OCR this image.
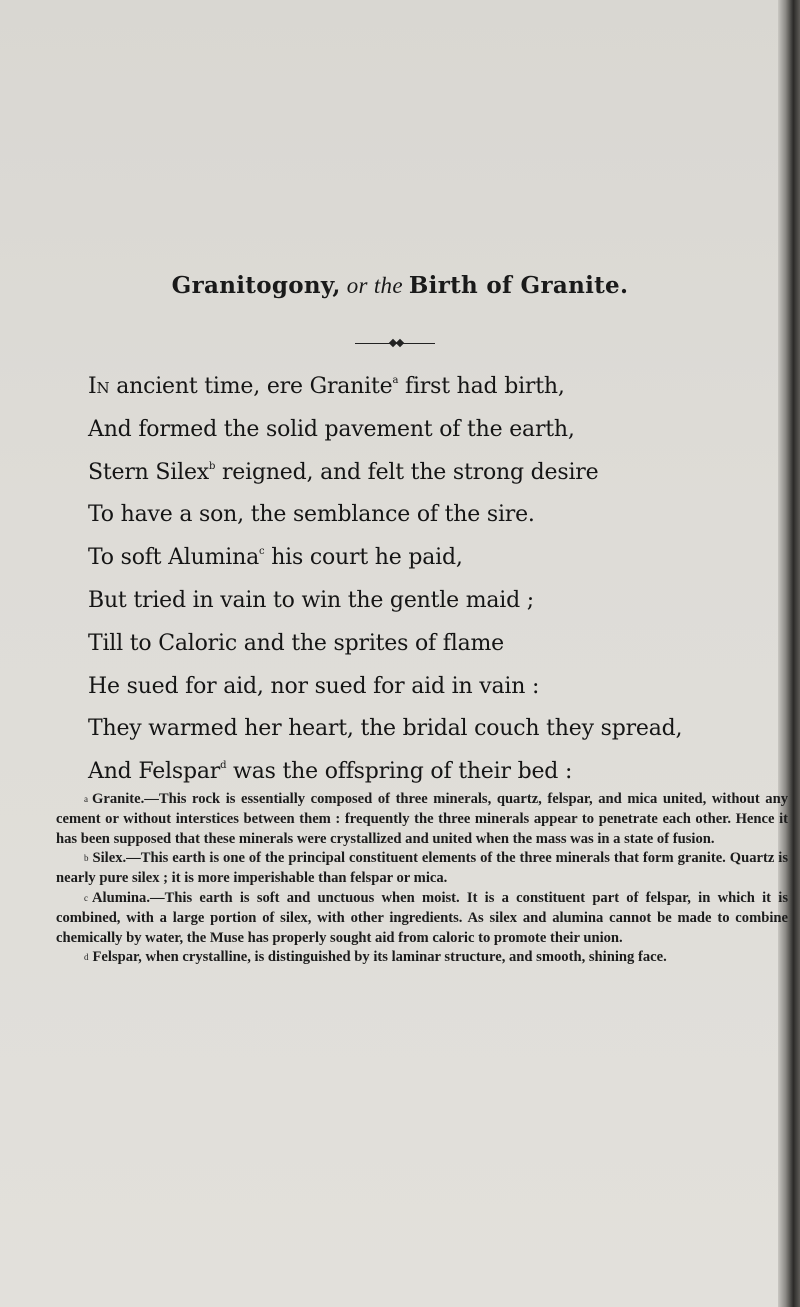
Granitogony, or the Birth of Granite.
In ancient time, ere Granite$^a$ first had birth,
And formed the solid pavement of the earth,
Stern Silex$^b$ reigned, and felt the strong desire
To have a son, the semblance of the sire.
To soft Alumina$^c$ his court he paid,
But tried in vain to win the gentle maid ;
Till to Caloric and the sprites of flame
He sued for aid, nor sued for aid in vain :
They warmed her heart, the bridal couch they spread,
And Felspar$^d$ was the offspring of their bed :

a Granite.—This rock is essentially composed of three minerals, quartz, felspar, and mica united, without any cement or without interstices between them : frequently the three minerals appear to penetrate each other. Hence it has been supposed that these minerals were crystallized and united when the mass was in a state of fusion.

b Silex.—This earth is one of the principal constituent elements of the three minerals that form granite. Quartz is nearly pure silex ; it is more imperishable than felspar or mica.

c Alumina.—This earth is soft and unctuous when moist. It is a constituent part of felspar, in which it is combined, with a large portion of silex, with other ingredients. As silex and alumina cannot be made to combine chemically by water, the Muse has properly sought aid from caloric to promote their union.

d Felspar, when crystalline, is distinguished by its laminar structure, and smooth, shining face.
